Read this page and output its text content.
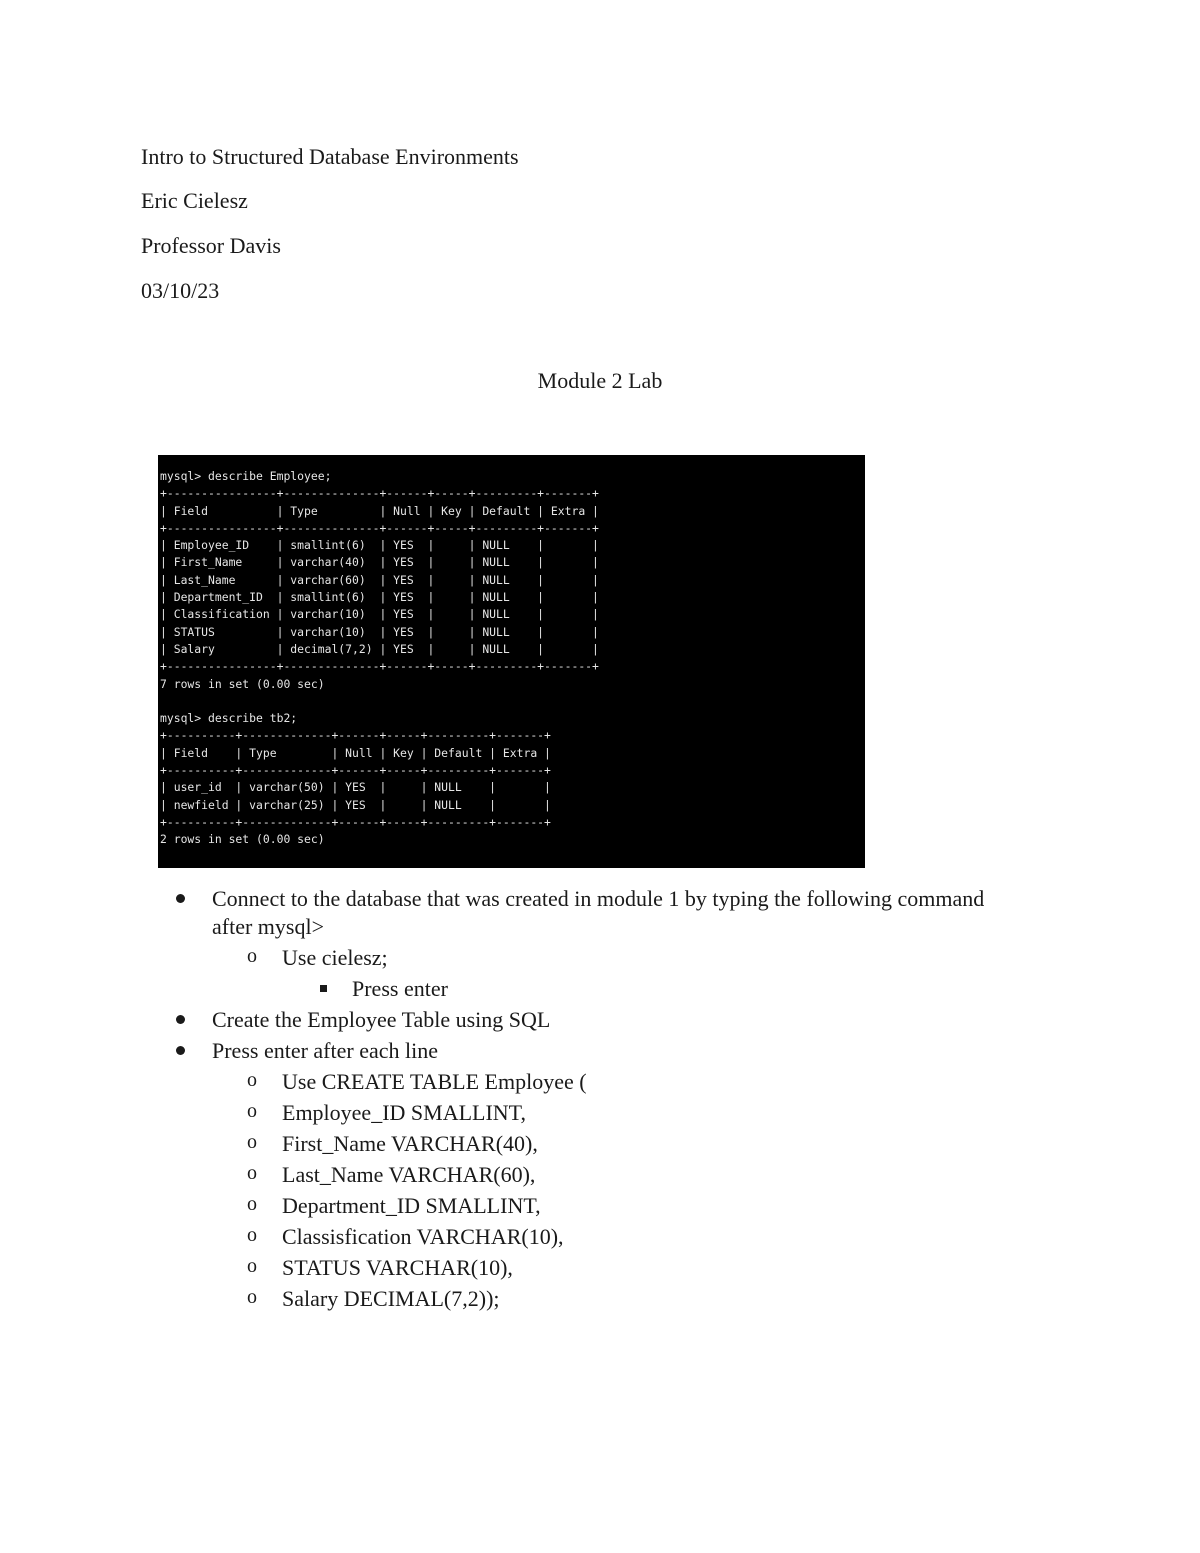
Intro to Structured Database Environments
Eric Cielesz
Professor Davis
03/10/23
Module 2 Lab
mysql> describe Employee;
+----------------+--------------+------+-----+---------+-------+
| Field          | Type         | Null | Key | Default | Extra |
+----------------+--------------+------+-----+---------+-------+
| Employee_ID    | smallint(6)  | YES  |     | NULL    |       |
| First_Name     | varchar(40)  | YES  |     | NULL    |       |
| Last_Name      | varchar(60)  | YES  |     | NULL    |       |
| Department_ID  | smallint(6)  | YES  |     | NULL    |       |
| Classification | varchar(10)  | YES  |     | NULL    |       |
| STATUS         | varchar(10)  | YES  |     | NULL    |       |
| Salary         | decimal(7,2) | YES  |     | NULL    |       |
+----------------+--------------+------+-----+---------+-------+
7 rows in set (0.00 sec)

mysql> describe tb2;
+----------+-------------+------+-----+---------+-------+
| Field    | Type        | Null | Key | Default | Extra |
+----------+-------------+------+-----+---------+-------+
| user_id  | varchar(50) | YES  |     | NULL    |       |
| newfield | varchar(25) | YES  |     | NULL    |       |
+----------+-------------+------+-----+---------+-------+
2 rows in set (0.00 sec)
Connect to the database that was created in module 1 by typing the following command
after mysql>
o Use cielesz;
Press enter
Create the Employee Table using SQL
Press enter after each line
o Use CREATE TABLE Employee (
o Employee_ID SMALLINT,
o First_Name VARCHAR(40),
o Last_Name VARCHAR(60),
o Department_ID SMALLINT,
o Classisfication VARCHAR(10),
o STATUS VARCHAR(10),
o Salary DECIMAL(7,2));
